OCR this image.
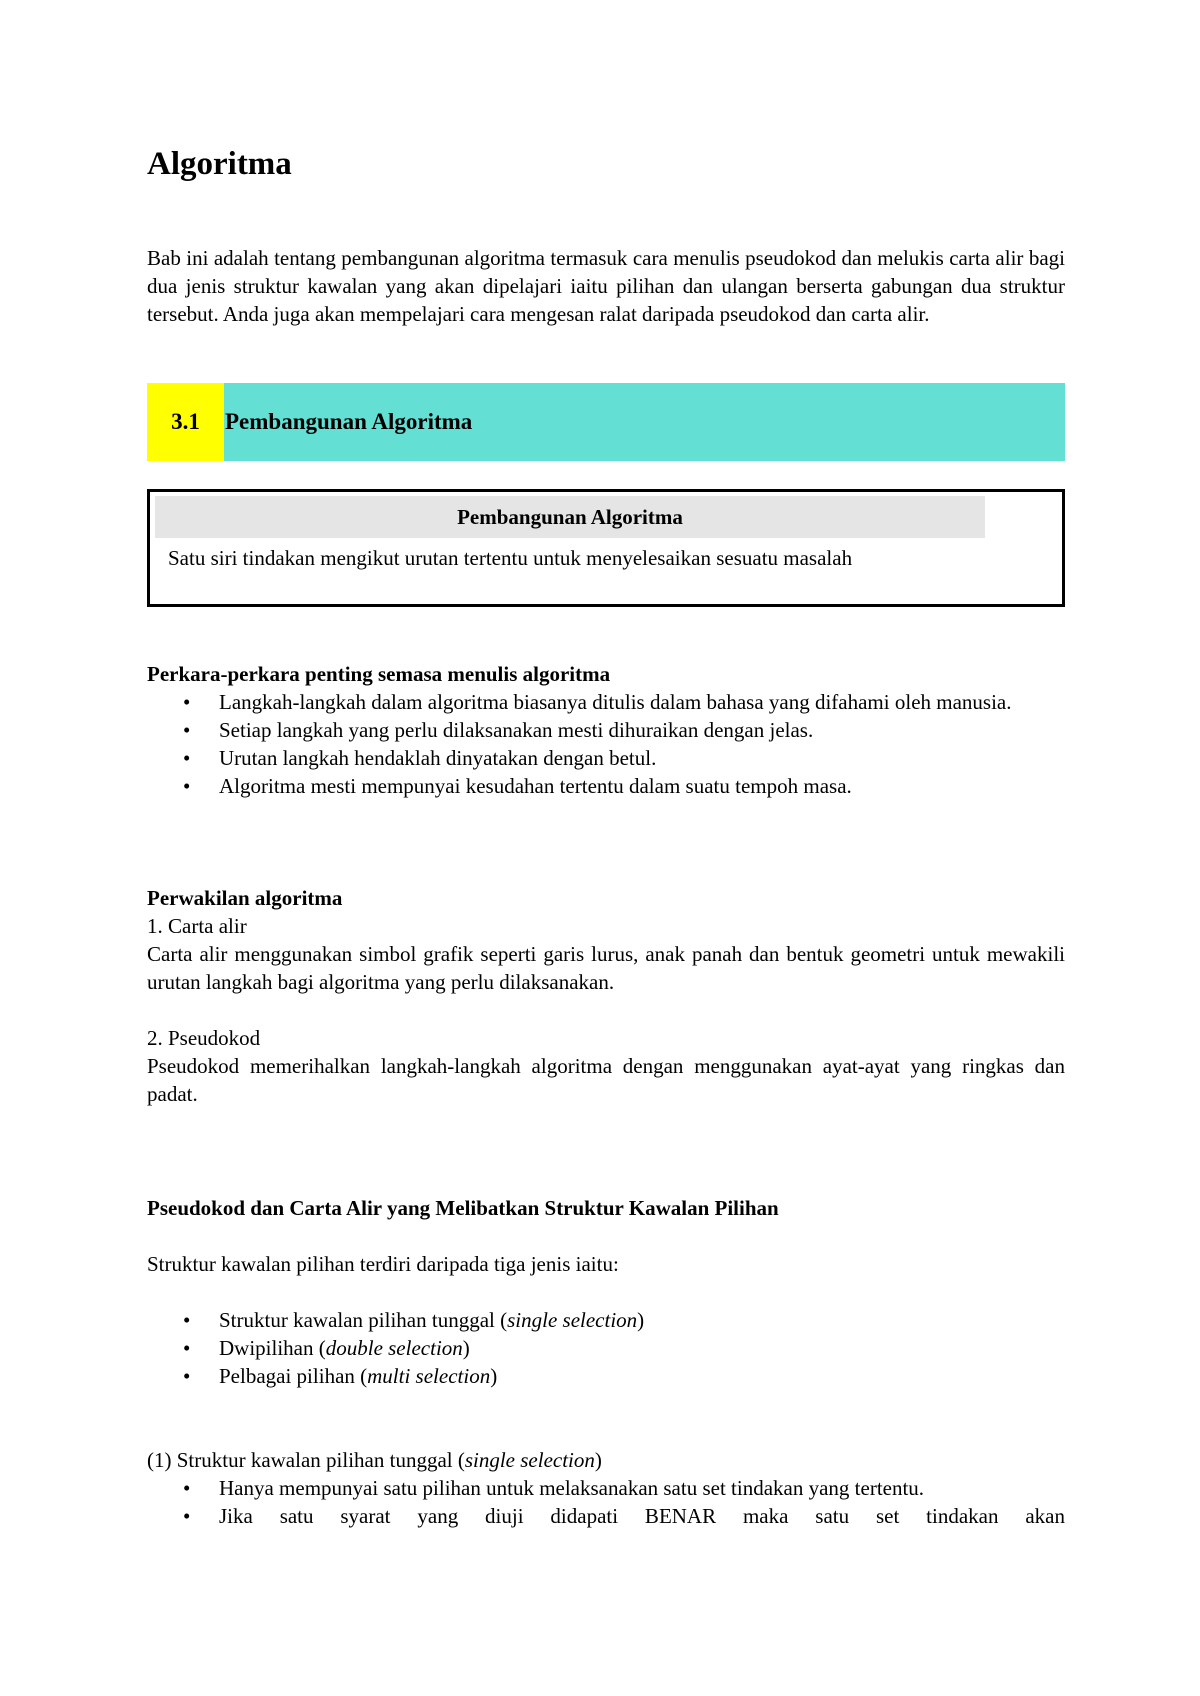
Algoritma

Bab ini adalah tentang pembangunan algoritma termasuk cara menulis pseudokod dan melukis carta alir bagi dua jenis struktur kawalan yang akan dipelajari iaitu pilihan dan ulangan berserta gabungan dua struktur tersebut. Anda juga akan mempelajari cara mengesan ralat daripada pseudokod dan carta alir.

3.1	Pembangunan Algoritma
Pembangunan Algoritma
Satu siri tindakan mengikut urutan tertentu untuk menyelesaikan sesuatu masalah

Perkara-perkara penting semasa menulis algoritma

• Langkah-langkah dalam algoritma biasanya ditulis dalam bahasa yang difahami oleh manusia.
• Setiap langkah yang perlu dilaksanakan mesti dihuraikan dengan jelas.
• Urutan langkah hendaklah dinyatakan dengan betul.
• Algoritma mesti mempunyai kesudahan tertentu dalam suatu tempoh masa.

Perwakilan algoritma

1. Carta alir

Carta alir menggunakan simbol grafik seperti garis lurus, anak panah dan bentuk geometri untuk mewakili urutan langkah bagi algoritma yang perlu dilaksanakan.

2. Pseudokod

Pseudokod memerihalkan langkah-langkah algoritma dengan menggunakan ayat-ayat yang ringkas dan padat.

Pseudokod dan Carta Alir yang Melibatkan Struktur Kawalan Pilihan

Struktur kawalan pilihan terdiri daripada tiga jenis iaitu:

• Struktur kawalan pilihan tunggal (single selection)
• Dwipilihan (double selection)
• Pelbagai pilihan (multi selection)

(1) Struktur kawalan pilihan tunggal (single selection)

• Hanya mempunyai satu pilihan untuk melaksanakan satu set tindakan yang tertentu.
• Jika satu syarat yang diuji didapati BENAR maka satu set tindakan akan
